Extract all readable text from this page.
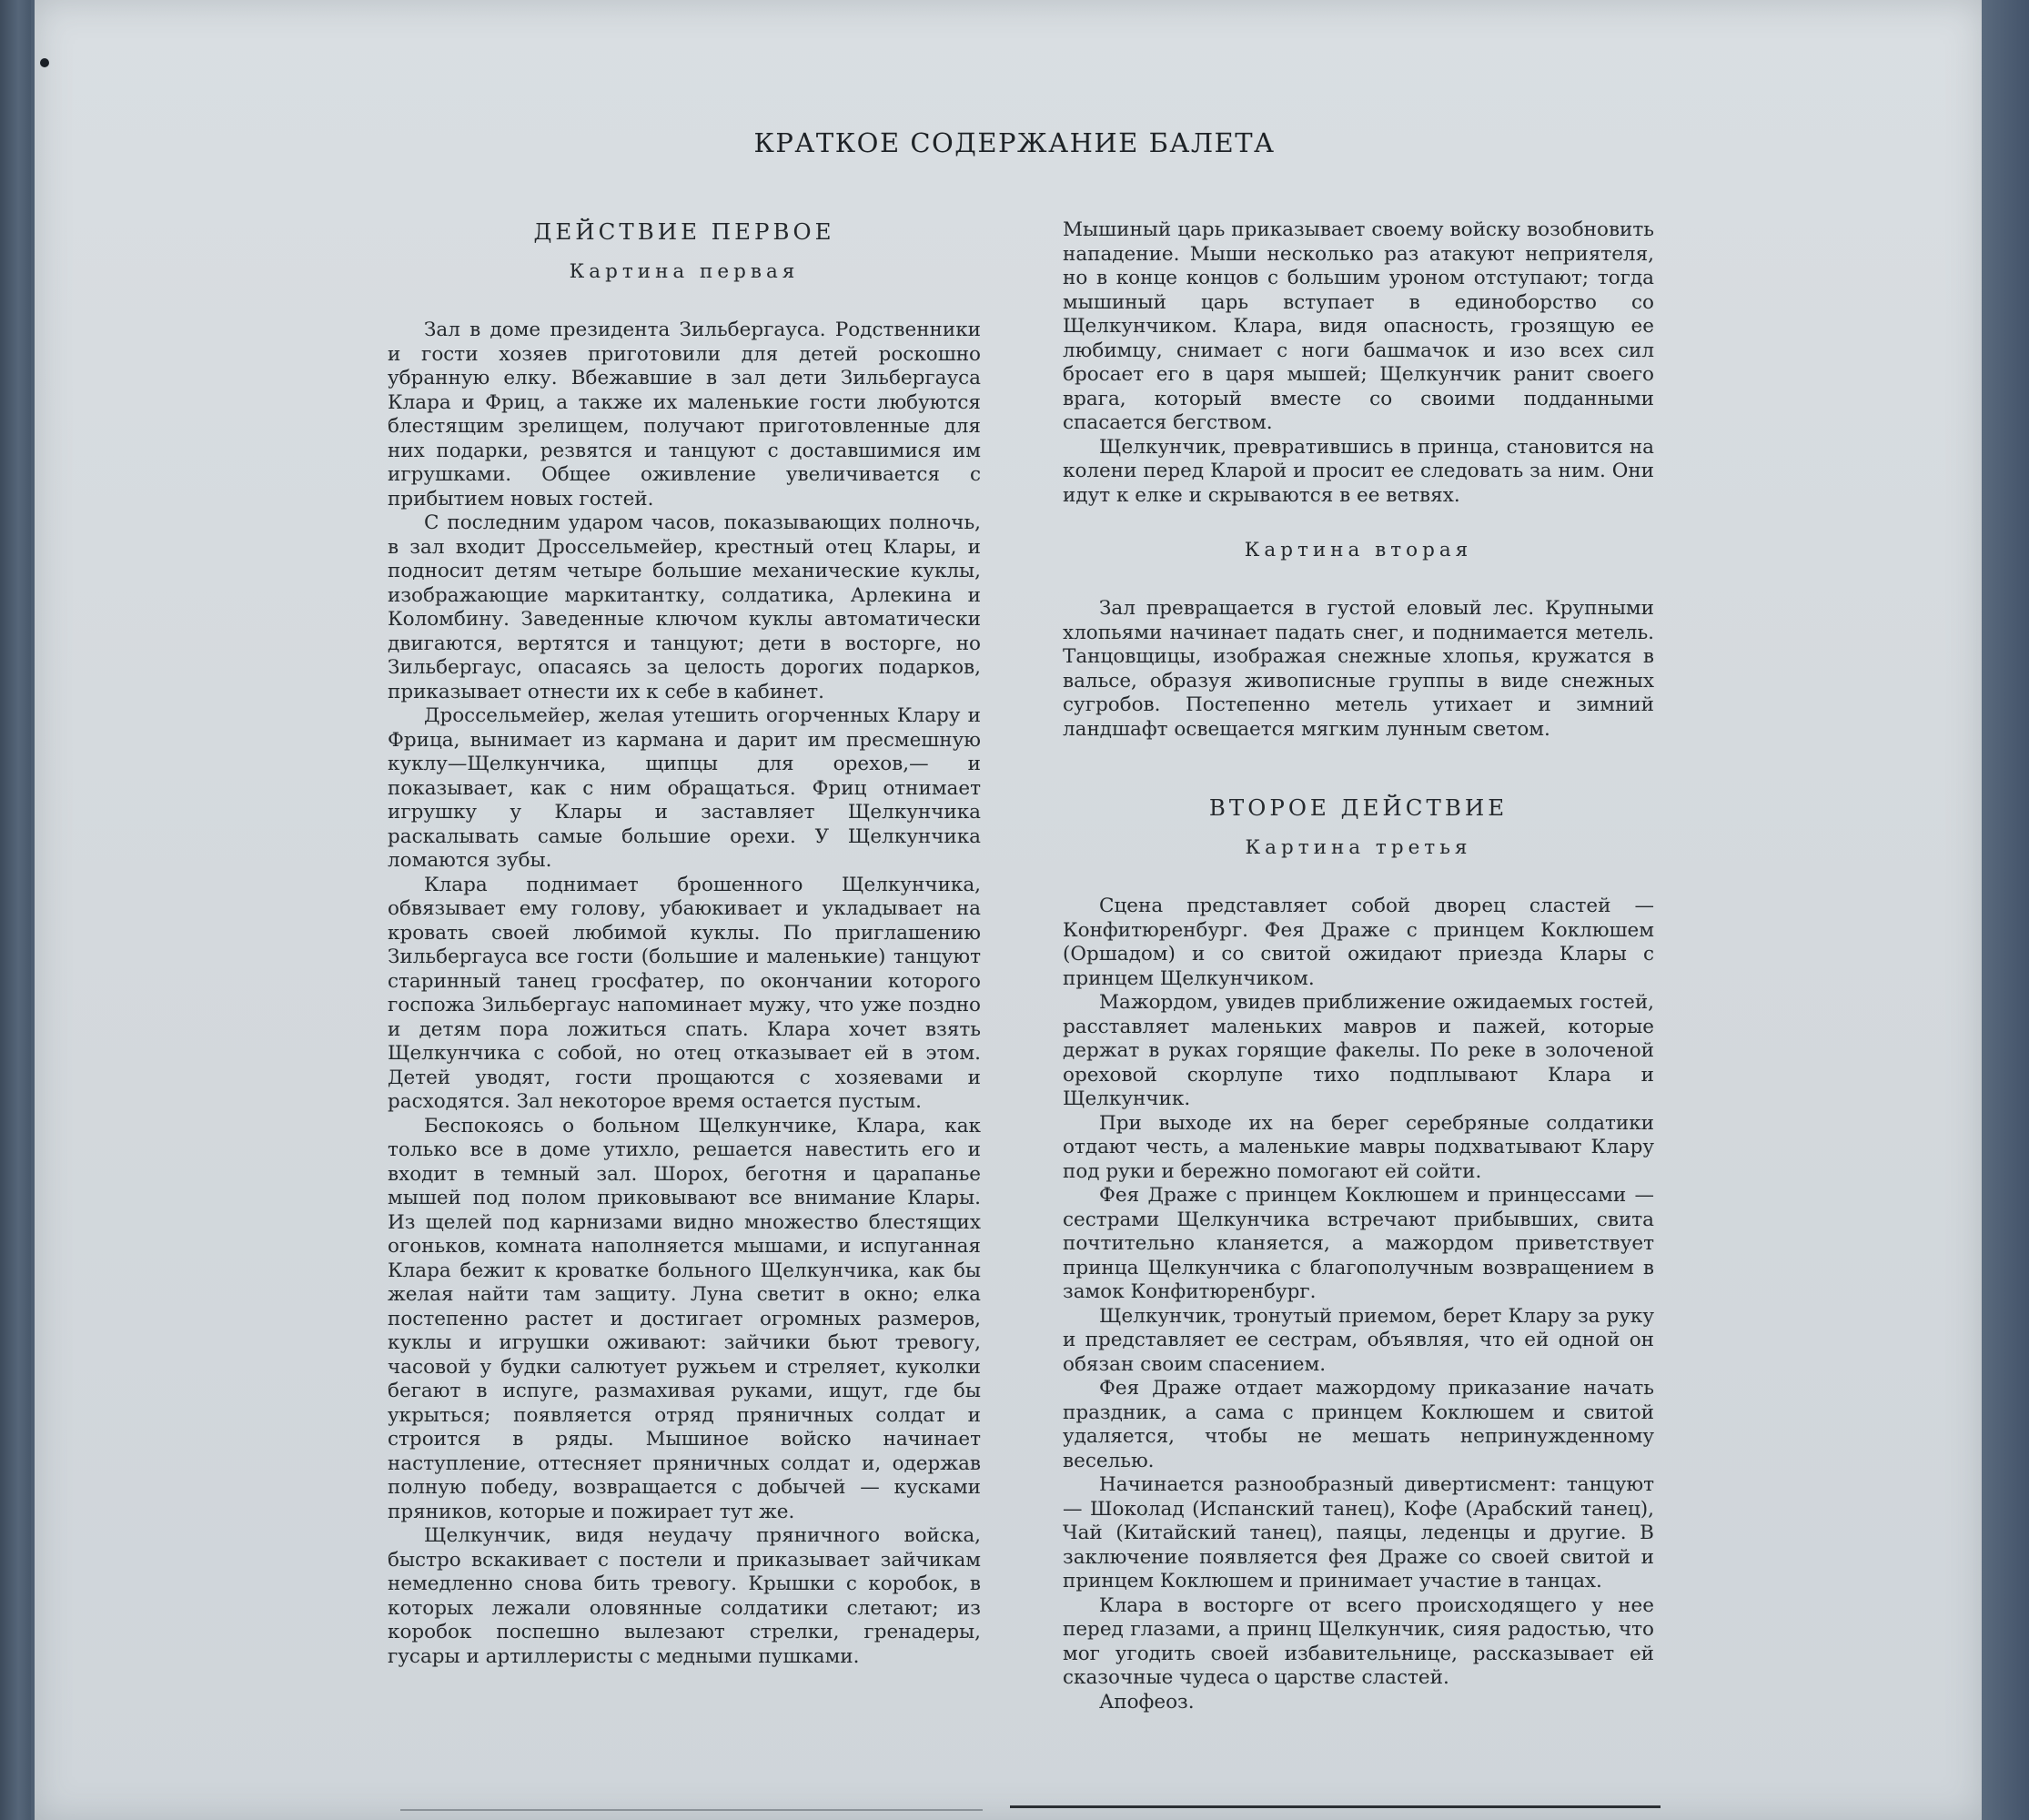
КРАТКОЕ СОДЕРЖАНИЕ БАЛЕТА
ДЕЙСТВИЕ ПЕРВОЕ
Картина первая

Зал в доме президента Зильбергауса. Родственники и гости хозяев приготовили для детей роскошно убранную елку. Вбежавшие в зал дети Зильбергауса Клара и Фриц, а также их маленькие гости любуются блестящим зрелищем, получают приготовленные для них подарки, резвятся и танцуют с доставшимися им игрушками. Общее оживление увеличивается с прибытием новых гостей.

С последним ударом часов, показывающих полночь, в зал входит Дроссельмейер, крестный отец Клары, и подносит детям четыре большие механические куклы, изображающие маркитантку, солдатика, Арлекина и Коломбину. Заведенные ключом куклы автоматически двигаются, вертятся и танцуют; дети в восторге, но Зильбергаус, опасаясь за целость дорогих подарков, приказывает отнести их к себе в кабинет.

Дроссельмейер, желая утешить огорченных Клару и Фрица, вынимает из кармана и дарит им пресмешную куклу—Щелкунчика, щипцы для орехов,— и показывает, как с ним обращаться. Фриц отнимает игрушку у Клары и заставляет Щелкунчика раскалывать самые большие орехи. У Щелкунчика ломаются зубы.

Клара поднимает брошенного Щелкунчика, обвязывает ему голову, убаюкивает и укладывает на кровать своей любимой куклы. По приглашению Зильбергауса все гости (большие и маленькие) танцуют старинный танец гросфатер, по окончании которого госпожа Зильбергаус напоминает мужу, что уже поздно и детям пора ложиться спать. Клара хочет взять Щелкунчика с собой, но отец отказывает ей в этом. Детей уводят, гости прощаются с хозяевами и расходятся. Зал некоторое время остается пустым.

Беспокоясь о больном Щелкунчике, Клара, как только все в доме утихло, решается навестить его и входит в темный зал. Шорох, беготня и царапанье мышей под полом приковывают все внимание Клары. Из щелей под карнизами видно множество блестящих огоньков, комната наполняется мышами, и испуганная Клара бежит к кроватке больного Щелкунчика, как бы желая найти там защиту. Луна светит в окно; елка постепенно растет и достигает огромных размеров, куклы и игрушки оживают: зайчики бьют тревогу, часовой у будки салютует ружьем и стреляет, куколки бегают в испуге, размахивая руками, ищут, где бы укрыться; появляется отряд пряничных солдат и строится в ряды. Мышиное войско начинает наступление, оттесняет пряничных солдат и, одержав полную победу, возвращается с добычей — кусками пряников, которые и пожирает тут же.

Щелкунчик, видя неудачу пряничного войска, быстро вскакивает с постели и приказывает зайчикам немедленно снова бить тревогу. Крышки с коробок, в которых лежали оловянные солдатики слетают; из коробок поспешно вылезают стрелки, гренадеры, гусары и артиллеристы с медными пушками.

Мышиный царь приказывает своему войску возобновить нападение. Мыши несколько раз атакуют неприятеля, но в конце концов с большим уроном отступают; тогда мышиный царь вступает в единоборство со Щелкунчиком. Клара, видя опасность, грозящую ее любимцу, снимает с ноги башмачок и изо всех сил бросает его в царя мышей; Щелкунчик ранит своего врага, который вместе со своими подданными спасается бегством.

Щелкунчик, превратившись в принца, становится на колени перед Кларой и просит ее следовать за ним. Они идут к елке и скрываются в ее ветвях.

Картина вторая

Зал превращается в густой еловый лес. Крупными хлопьями начинает падать снег, и поднимается метель. Танцовщицы, изображая снежные хлопья, кружатся в вальсе, образуя живописные группы в виде снежных сугробов. Постепенно метель утихает и зимний ландшафт освещается мягким лунным светом.

ВТОРОЕ ДЕЙСТВИЕ
Картина третья

Сцена представляет собой дворец сластей — Конфитюренбург. Фея Драже с принцем Коклюшем (Оршадом) и со свитой ожидают приезда Клары с принцем Щелкунчиком.

Мажордом, увидев приближение ожидаемых гостей, расставляет маленьких мавров и пажей, которые держат в руках горящие факелы. По реке в золоченой ореховой скорлупе тихо подплывают Клара и Щелкунчик.

При выходе их на берег серебряные солдатики отдают честь, а маленькие мавры подхватывают Клару под руки и бережно помогают ей сойти.

Фея Драже с принцем Коклюшем и принцессами — сестрами Щелкунчика встречают прибывших, свита почтительно кланяется, а мажордом приветствует принца Щелкунчика с благополучным возвращением в замок Конфитюренбург.

Щелкунчик, тронутый приемом, берет Клару за руку и представляет ее сестрам, объявляя, что ей одной он обязан своим спасением.

Фея Драже отдает мажордому приказание начать праздник, а сама с принцем Коклюшем и свитой удаляется, чтобы не мешать непринужденному веселью.

Начинается разнообразный дивертисмент: танцуют — Шоколад (Испанский танец), Кофе (Арабский танец), Чай (Китайский танец), паяцы, леденцы и другие. В заключение появляется фея Драже со своей свитой и принцем Коклюшем и принимает участие в танцах.

Клара в восторге от всего происходящего у нее перед глазами, а принц Щелкунчик, сияя радостью, что мог угодить своей избавительнице, рассказывает ей сказочные чудеса о царстве сластей.

Апофеоз.
